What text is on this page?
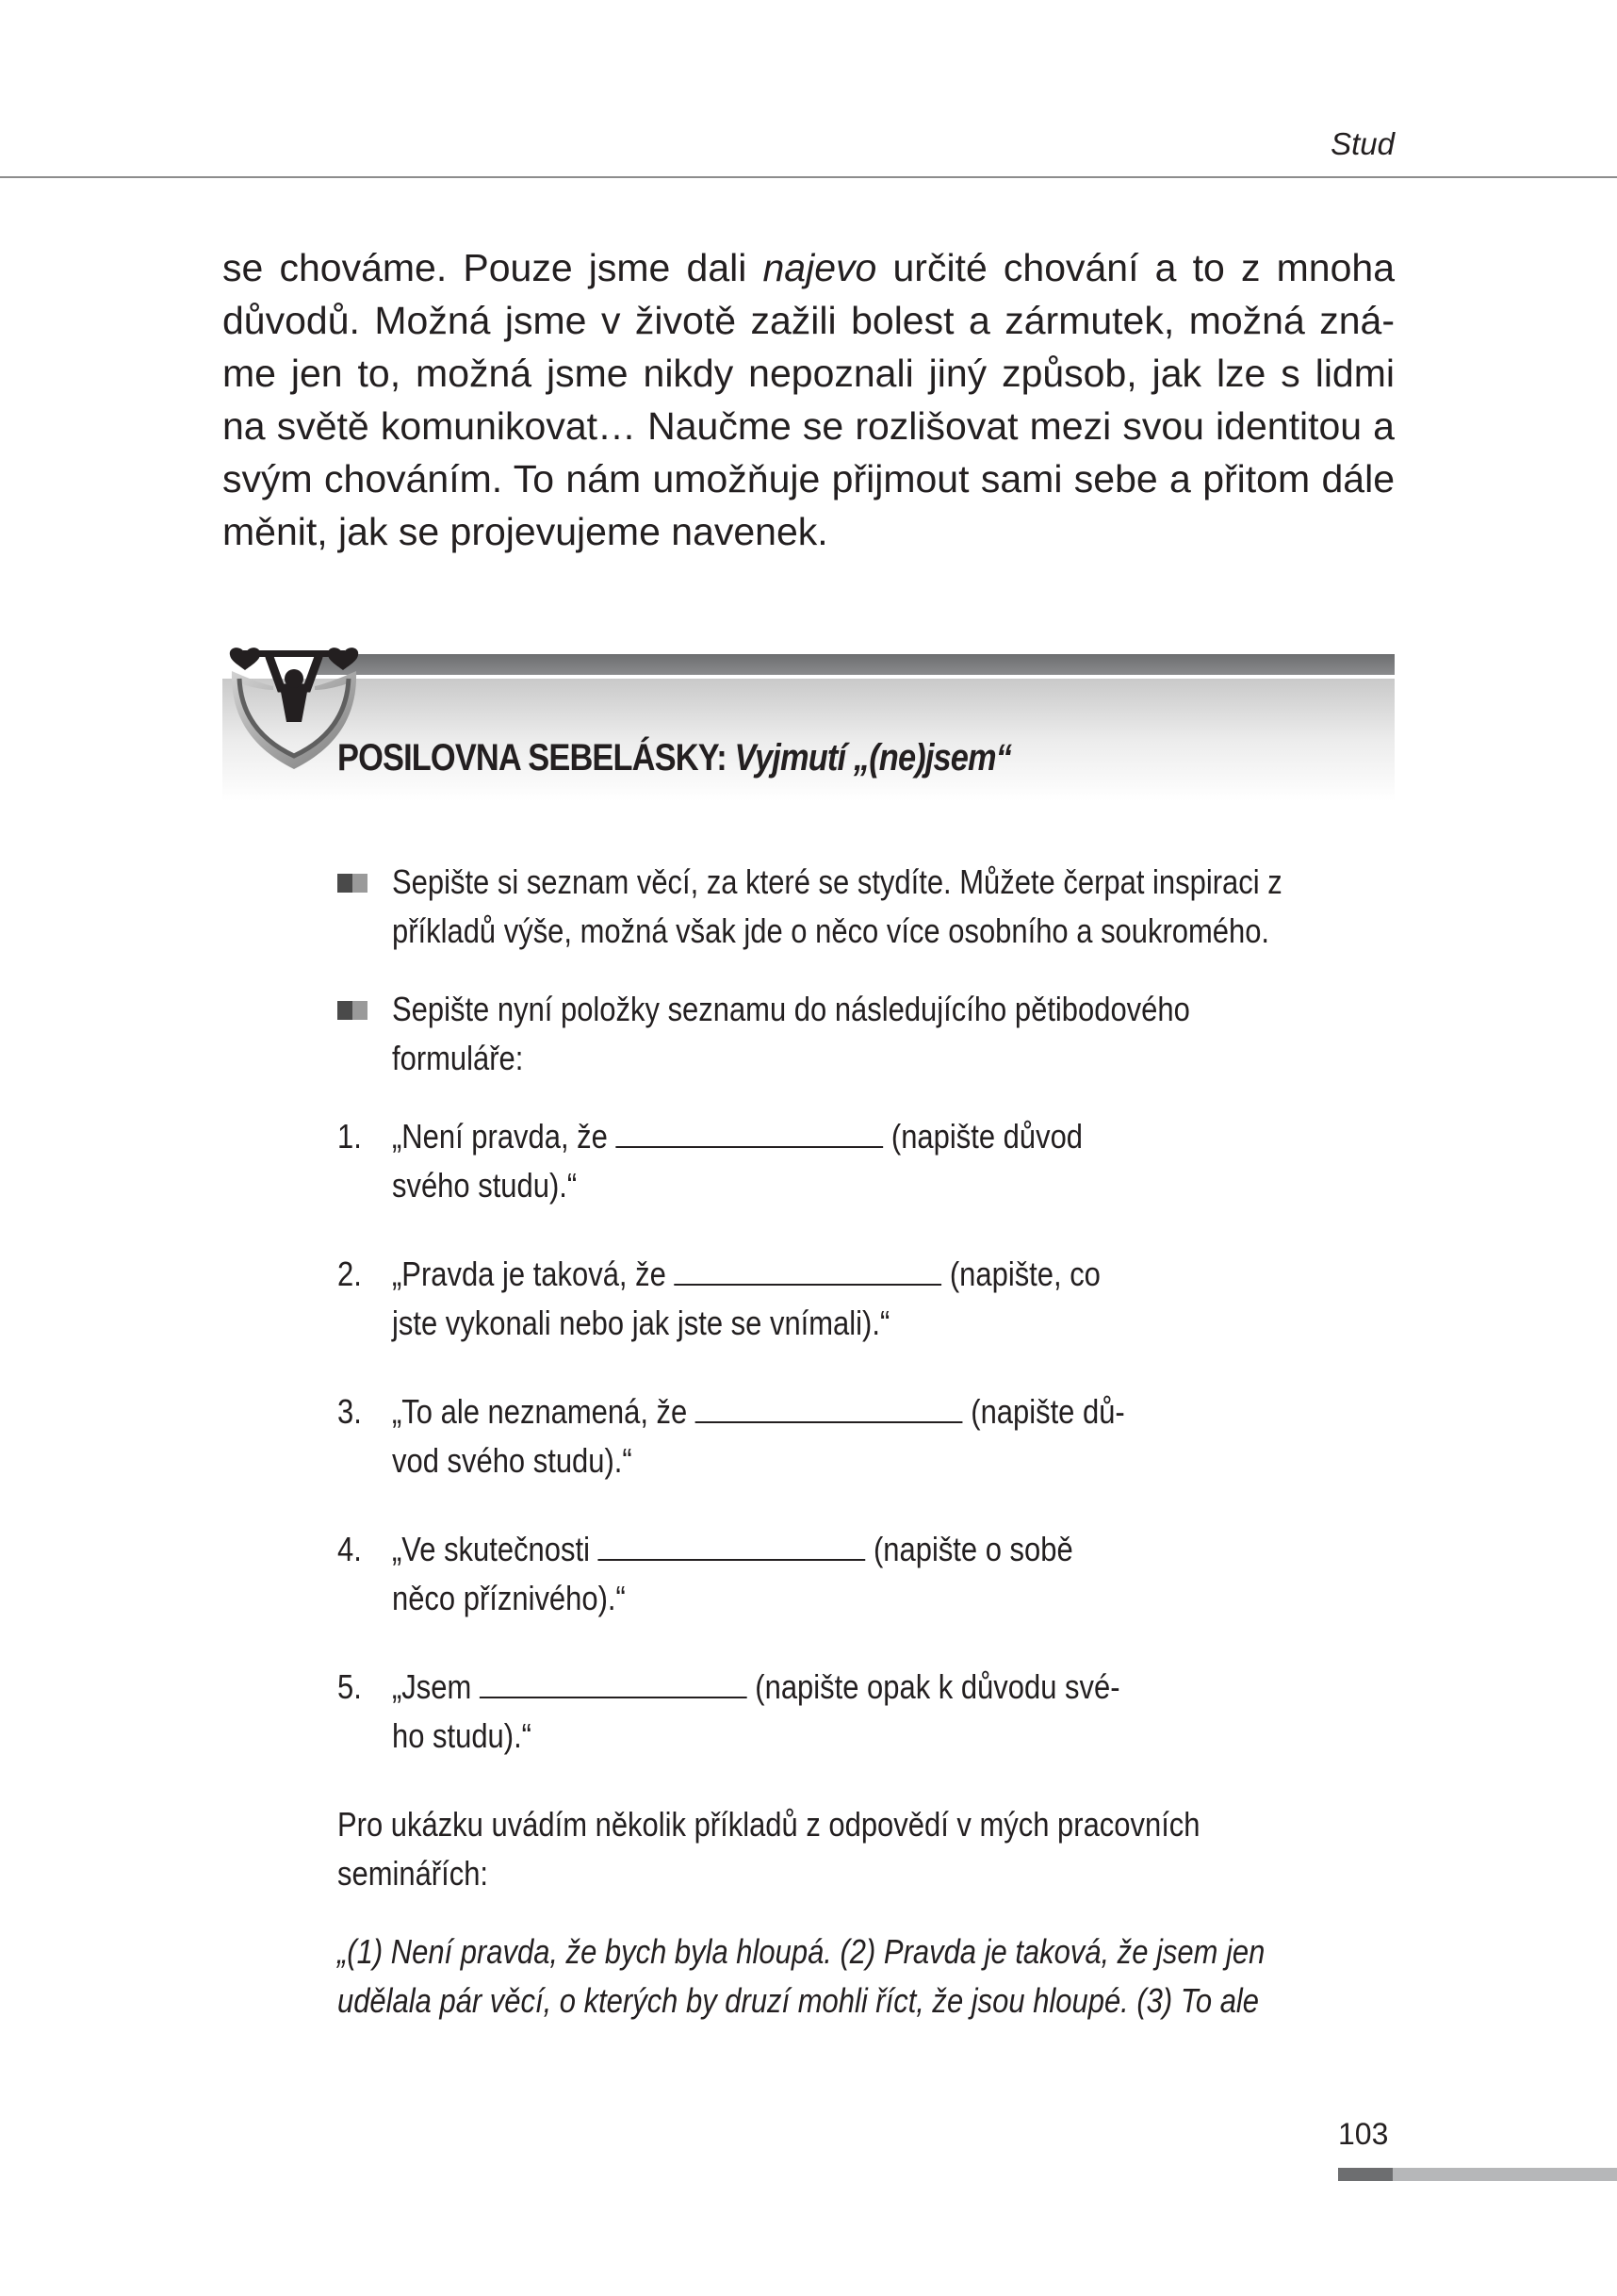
Stud

se chováme. Pouze jsme dali najevo určité chování a to z mnoha důvodů. Možná jsme v životě zažili bolest a zármutek, možná známe jen to, možná jsme nikdy nepoznali jiný způsob, jak lze s lidmi na světě komunikovat… Naučme se rozlišovat mezi svou identitou a svým chováním. To nám umožňuje přijmout sami sebe a přitom dále měnit, jak se projevujeme navenek.

POSILOVNA SEBELÁSKY: Vyjmutí „(ne)jsem“
Sepište si seznam věcí, za které se stydíte. Můžete čerpat inspiraci z příkladů výše, možná však jde o něco více osobního a soukromého.
Sepište nyní položky seznamu do následujícího pětibodového formuláře:
1. „Není pravda, že	(napište důvod
svého studu).“
2. „Pravda je taková, že	(napište, co
jste vykonali nebo jak jste se vnímali).“
3. „To ale neznamená, že	(napište dů-
vod svého studu).“
4. „Ve skutečnosti	(napište o sobě
něco příznivého).“
5. „Jsem	(napište opak k důvodu své-
ho studu).“

Pro ukázku uvádím několik příkladů z odpovědí v mých pracovních seminářích:

„(1) Není pravda, že bych byla hloupá. (2) Pravda je taková, že jsem jen udělala pár věcí, o kterých by druzí mohli říct, že jsou hloupé. (3) To ale

103
